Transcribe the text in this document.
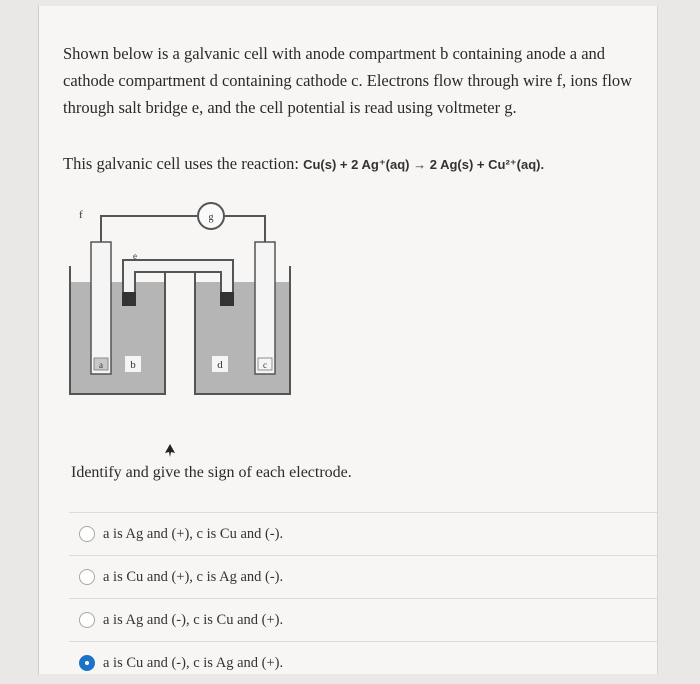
Shown below is a galvanic cell with anode compartment b containing anode a and cathode compartment d containing cathode c. Electrons flow through wire f, ions flow through salt bridge e, and the cell potential is read using voltmeter g.

This galvanic cell uses the reaction: Cu(s) + 2 Ag⁺(aq) → 2 Ag(s) + Cu²⁺(aq).

g
f
e
a	c
b	d

Identify and give the sign of each electrode.

a is Ag and (+), c is Cu and (-).
a is Cu and (+), c is Ag and (-).
a is Ag and (-), c is Cu and (+).
a is Cu and (-), c is Ag and (+).
